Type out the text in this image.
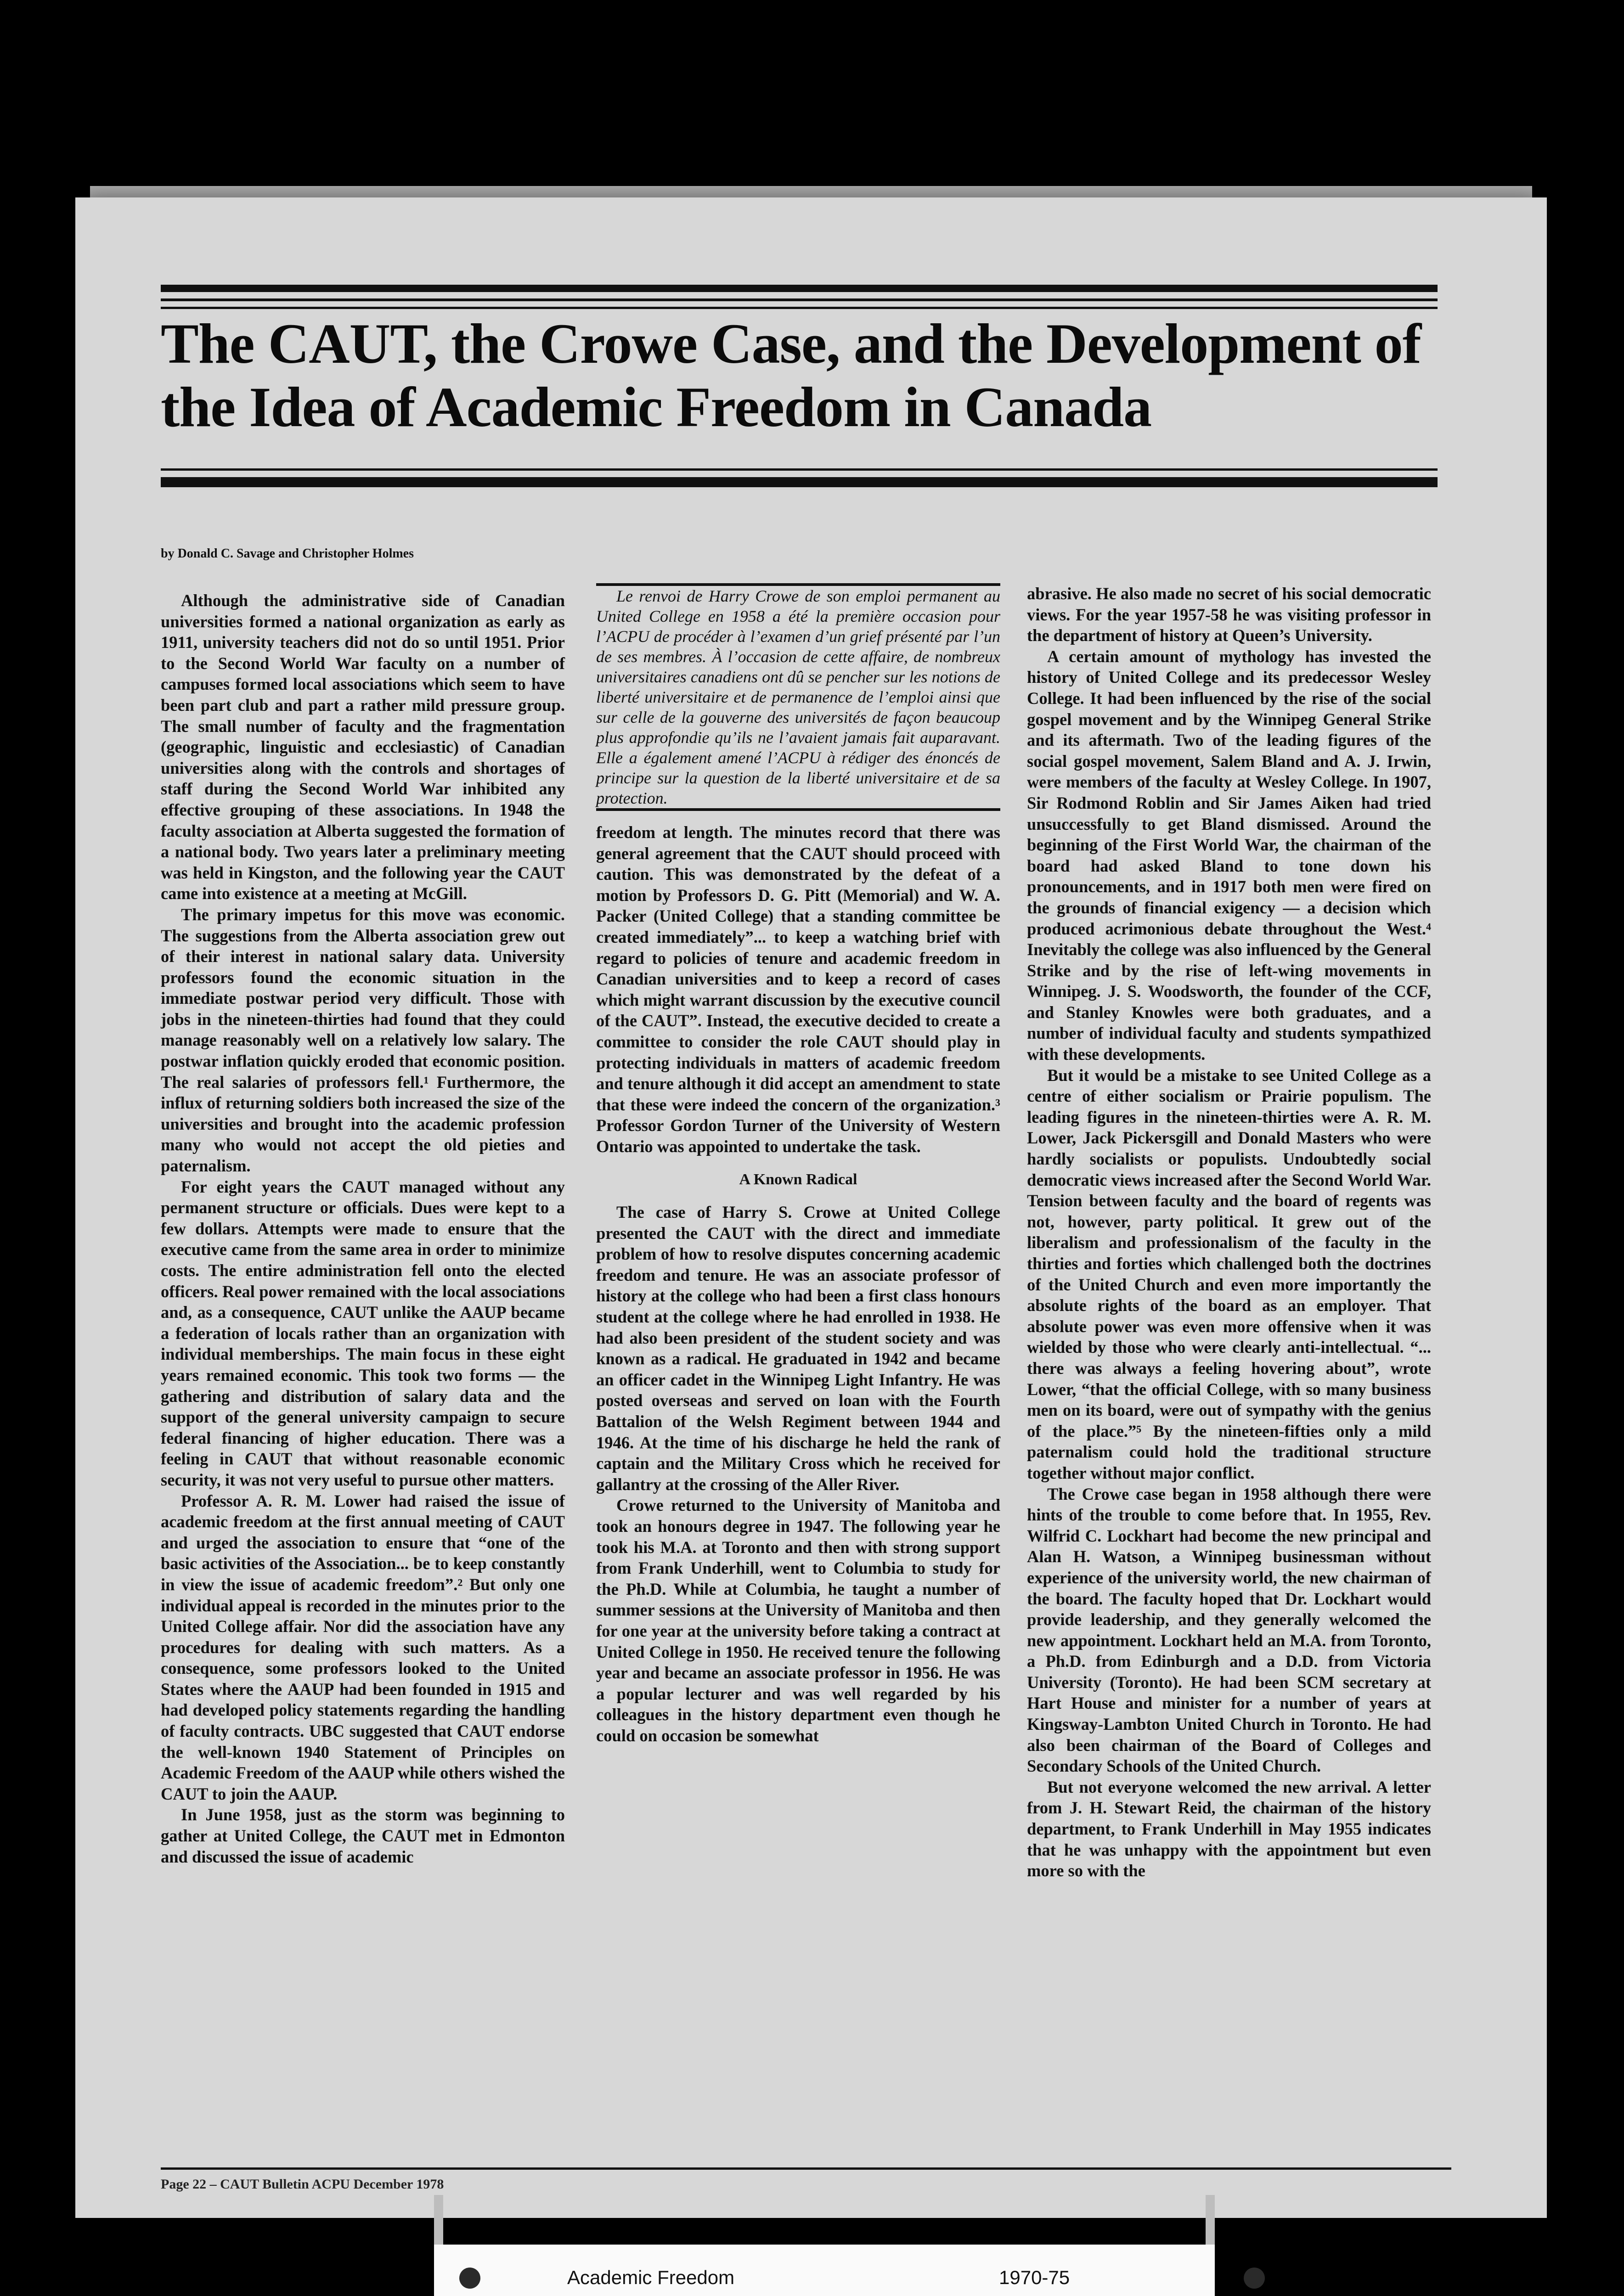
The CAUT, the Crowe Case, and the Development of the Idea of Academic Freedom in Canada
by Donald C. Savage and Christopher Holmes

Although the administrative side of Canadian universities formed a national organization as early as 1911, university teachers did not do so until 1951. Prior to the Second World War faculty on a number of campuses formed local associations which seem to have been part club and part a rather mild pressure group. The small number of faculty and the fragmentation (geographic, linguistic and ecclesiastic) of Canadian universities along with the controls and shortages of staff during the Second World War inhibited any effective grouping of these associations. In 1948 the faculty association at Alberta suggested the formation of a national body. Two years later a preliminary meeting was held in Kingston, and the following year the CAUT came into existence at a meeting at McGill.

The primary impetus for this move was economic. The suggestions from the Alberta association grew out of their interest in national salary data. University professors found the economic situation in the immediate postwar period very difficult. Those with jobs in the nineteen-thirties had found that they could manage reasonably well on a relatively low salary. The postwar inflation quickly eroded that economic position. The real salaries of professors fell.¹ Furthermore, the influx of returning soldiers both increased the size of the universities and brought into the academic profession many who would not accept the old pieties and paternalism.

For eight years the CAUT managed without any permanent structure or officials. Dues were kept to a few dollars. Attempts were made to ensure that the executive came from the same area in order to minimize costs. The entire administration fell onto the elected officers. Real power remained with the local associations and, as a consequence, CAUT unlike the AAUP became a federation of locals rather than an organization with individual memberships. The main focus in these eight years remained economic. This took two forms — the gathering and distribution of salary data and the support of the general university campaign to secure federal financing of higher education. There was a feeling in CAUT that without reasonable economic security, it was not very useful to pursue other matters.

Professor A. R. M. Lower had raised the issue of academic freedom at the first annual meeting of CAUT and urged the association to ensure that “one of the basic activities of the Association... be to keep constantly in view the issue of academic freedom”.² But only one individual appeal is recorded in the minutes prior to the United College affair. Nor did the association have any procedures for dealing with such matters. As a consequence, some professors looked to the United States where the AAUP had been founded in 1915 and had developed policy statements regarding the handling of faculty contracts. UBC suggested that CAUT endorse the well-known 1940 Statement of Principles on Academic Freedom of the AAUP while others wished the CAUT to join the AAUP.

In June 1958, just as the storm was beginning to gather at United College, the CAUT met in Edmonton and discussed the issue of academic

Le renvoi de Harry Crowe de son emploi permanent au United College en 1958 a été la première occasion pour l’ACPU de procéder à l’examen d’un grief présenté par l’un de ses membres. À l’occasion de cette affaire, de nombreux universitaires canadiens ont dû se pencher sur les notions de liberté universitaire et de permanence de l’emploi ainsi que sur celle de la gouverne des universités de façon beaucoup plus approfondie qu’ils ne l’avaient jamais fait auparavant. Elle a également amené l’ACPU à rédiger des énoncés de principe sur la question de la liberté universitaire et de sa protection.

freedom at length. The minutes record that there was general agreement that the CAUT should proceed with caution. This was demonstrated by the defeat of a motion by Professors D. G. Pitt (Memorial) and W. A. Packer (United College) that a standing committee be created immediately”... to keep a watching brief with regard to policies of tenure and academic freedom in Canadian universities and to keep a record of cases which might warrant discussion by the executive council of the CAUT”. Instead, the executive decided to create a committee to consider the role CAUT should play in protecting individuals in matters of academic freedom and tenure although it did accept an amendment to state that these were indeed the concern of the organization.³ Professor Gordon Turner of the University of Western Ontario was appointed to undertake the task.

A Known Radical

The case of Harry S. Crowe at United College presented the CAUT with the direct and immediate problem of how to resolve disputes concerning academic freedom and tenure. He was an associate professor of history at the college who had been a first class honours student at the college where he had enrolled in 1938. He had also been president of the student society and was known as a radical. He graduated in 1942 and became an officer cadet in the Winnipeg Light Infantry. He was posted overseas and served on loan with the Fourth Battalion of the Welsh Regiment between 1944 and 1946. At the time of his discharge he held the rank of captain and the Military Cross which he received for gallantry at the crossing of the Aller River.

Crowe returned to the University of Manitoba and took an honours degree in 1947. The following year he took his M.A. at Toronto and then with strong support from Frank Underhill, went to Columbia to study for the Ph.D. While at Columbia, he taught a number of summer sessions at the University of Manitoba and then for one year at the university before taking a contract at United College in 1950. He received tenure the following year and became an associate professor in 1956. He was a popular lecturer and was well regarded by his colleagues in the history department even though he could on occasion be somewhat

abrasive. He also made no secret of his social democratic views. For the year 1957-58 he was visiting professor in the department of history at Queen’s University.

A certain amount of mythology has invested the history of United College and its predecessor Wesley College. It had been influenced by the rise of the social gospel movement and by the Winnipeg General Strike and its aftermath. Two of the leading figures of the social gospel movement, Salem Bland and A. J. Irwin, were members of the faculty at Wesley College. In 1907, Sir Rodmond Roblin and Sir James Aiken had tried unsuccessfully to get Bland dismissed. Around the beginning of the First World War, the chairman of the board had asked Bland to tone down his pronouncements, and in 1917 both men were fired on the grounds of financial exigency — a decision which produced acrimonious debate throughout the West.⁴ Inevitably the college was also influenced by the General Strike and by the rise of left-wing movements in Winnipeg. J. S. Woodsworth, the founder of the CCF, and Stanley Knowles were both graduates, and a number of individual faculty and students sympathized with these developments.

But it would be a mistake to see United College as a centre of either socialism or Prairie populism. The leading figures in the nineteen-thirties were A. R. M. Lower, Jack Pickersgill and Donald Masters who were hardly socialists or populists. Undoubtedly social democratic views increased after the Second World War. Tension between faculty and the board of regents was not, however, party political. It grew out of the liberalism and professionalism of the faculty in the thirties and forties which challenged both the doctrines of the United Church and even more importantly the absolute rights of the board as an employer. That absolute power was even more offensive when it was wielded by those who were clearly anti-intellectual. “... there was always a feeling hovering about”, wrote Lower, “that the official College, with so many business men on its board, were out of sympathy with the genius of the place.”⁵ By the nineteen-fifties only a mild paternalism could hold the traditional structure together without major conflict.

The Crowe case began in 1958 although there were hints of the trouble to come before that. In 1955, Rev. Wilfrid C. Lockhart had become the new principal and Alan H. Watson, a Winnipeg businessman without experience of the university world, the new chairman of the board. The faculty hoped that Dr. Lockhart would provide leadership, and they generally welcomed the new appointment. Lockhart held an M.A. from Toronto, a Ph.D. from Edinburgh and a D.D. from Victoria University (Toronto). He had been SCM secretary at Hart House and minister for a number of years at Kingsway-Lambton United Church in Toronto. He had also been chairman of the Board of Colleges and Secondary Schools of the United Church.

But not everyone welcomed the new arrival. A letter from J. H. Stewart Reid, the chairman of the history department, to Frank Underhill in May 1955 indicates that he was unhappy with the appointment but even more so with the

Page 22 – CAUT Bulletin ACPU December 1978
Academic Freedom	1970-75
